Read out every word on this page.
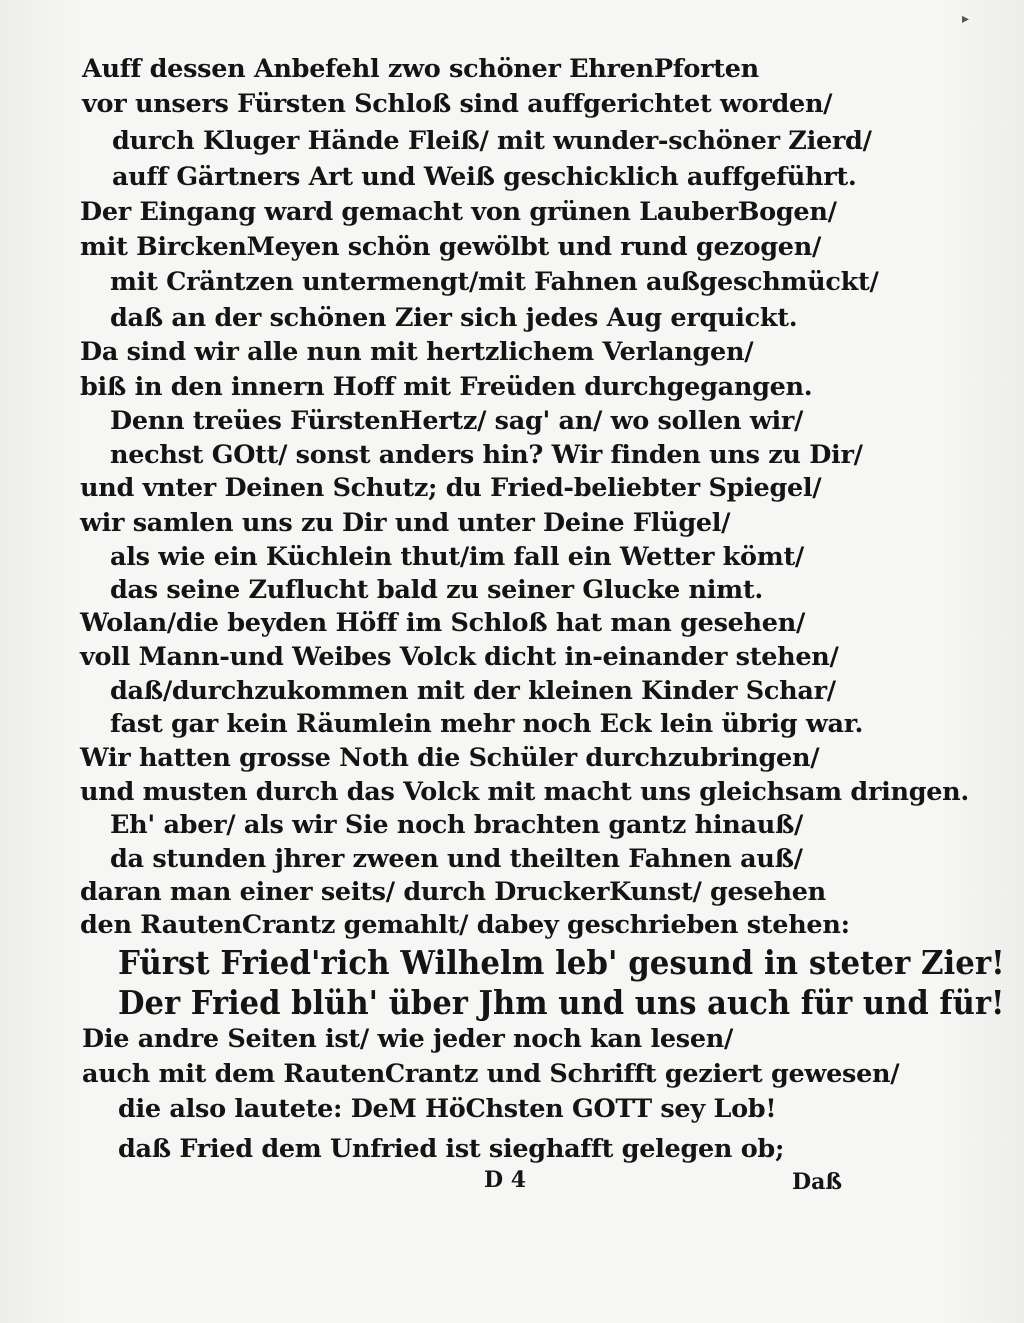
▸
Auff dessen Anbefehl zwo schöner EhrenPforten
vor unsers Fürsten Schloß sind auffgerichtet worden/
durch Kluger Hände Fleiß/ mit wunder-schöner Zierd/
auff Gärtners Art und Weiß geschicklich auffgeführt.
Der Eingang ward gemacht von grünen LauberBogen/
mit BirckenMeyen schön gewölbt und rund gezogen/
mit Cräntzen untermengt/mit Fahnen außgeschmückt/
daß an der schönen Zier sich jedes Aug erquickt.
Da sind wir alle nun mit hertzlichem Verlangen/
biß in den innern Hoff mit Freüden durchgegangen.
Denn treües FürstenHertz/ sag' an/ wo sollen wir/
nechst GOtt/ sonst anders hin? Wir finden uns zu Dir/
und vnter Deinen Schutz; du Fried-beliebter Spiegel/
wir samlen uns zu Dir und unter Deine Flügel/
als wie ein Küchlein thut/im fall ein Wetter kömt/
das seine Zuflucht bald zu seiner Glucke nimt.
Wolan/die beyden Höff im Schloß hat man gesehen/
voll Mann-und Weibes Volck dicht in-einander stehen/
daß/durchzukommen mit der kleinen Kinder Schar/
fast gar kein Räumlein mehr noch Eck lein übrig war.
Wir hatten grosse Noth die Schüler durchzubringen/
und musten durch das Volck mit macht uns gleichsam dringen.
Eh' aber/ als wir Sie noch brachten gantz hinauß/
da stunden jhrer zween und theilten Fahnen auß/
daran man einer seits/ durch DruckerKunst/ gesehen
den RautenCrantz gemahlt/ dabey geschrieben stehen:
Fürst Fried'rich Wilhelm leb' gesund in steter Zier!
Der Fried blüh' über Jhm und uns auch für und für!
Die andre Seiten ist/ wie jeder noch kan lesen/
auch mit dem RautenCrantz und Schrifft geziert gewesen/
die also lautete: DeM HöChsten GOTT sey Lob!
daß Fried dem Unfried ist sieghafft gelegen ob;
D 4	Daß
